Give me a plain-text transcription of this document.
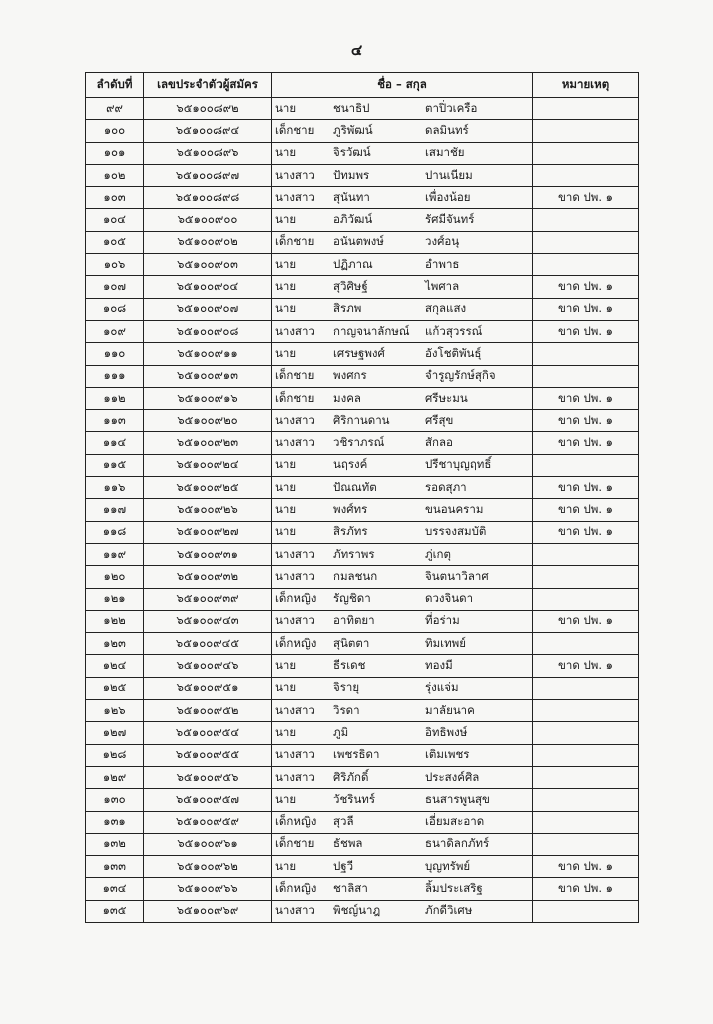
๔
ลำดับที่	เลขประจำตัวผู้สมัคร	ชื่อ – สกุล	หมายเหตุ
๙๙	๖๕๑๐๐๘๙๒	นาย ชนาธิป ตาปิ่วเครือ	

๑๐๐	๖๕๑๐๐๘๙๔	เด็กชาย ภูริพัฒน์ ดลมินทร์	

๑๐๑	๖๕๑๐๐๘๙๖	นาย จิรวัฒน์ เสมาชัย	

๑๐๒	๖๕๑๐๐๘๙๗	นางสาว ปัทมพร ปานเนียม	

๑๐๓	๖๕๑๐๐๘๙๘	นางสาว สุนันทา เพื่องน้อย	ขาด ปพ. ๑
๑๐๔	๖๕๑๐๐๙๐๐	นาย อภิวัฒน์ รัศมีจันทร์	

๑๐๕	๖๕๑๐๐๙๐๒	เด็กชาย อนันตพงษ์ วงศ์อนุ	

๑๐๖	๖๕๑๐๐๙๐๓	นาย ปฏิภาณ อำพาธ	

๑๐๗	๖๕๑๐๐๙๐๔	นาย สุวิศิษฐ์ ไพศาล	ขาด ปพ. ๑
๑๐๘	๖๕๑๐๐๙๐๗	นาย สิรภพ สกุลแสง	ขาด ปพ. ๑
๑๐๙	๖๕๑๐๐๙๐๘	นางสาว กาญจนาลักษณ์ แก้วสุวรรณ์	ขาด ปพ. ๑
๑๑๐	๖๕๑๐๐๙๑๑	นาย เศรษฐพงศ์ อังโชติพันธุ์	

๑๑๑	๖๕๑๐๐๙๑๓	เด็กชาย พงศกร จำรูญรักษ์สุกิจ	

๑๑๒	๖๕๑๐๐๙๑๖	เด็กชาย มงคล ศรีษะมน	ขาด ปพ. ๑
๑๑๓	๖๕๑๐๐๙๒๐	นางสาว ศิริกานดาน ศรีสุข	ขาด ปพ. ๑
๑๑๔	๖๕๑๐๐๙๒๓	นางสาว วชิราภรณ์ สักลอ	ขาด ปพ. ๑
๑๑๕	๖๕๑๐๐๙๒๔	นาย นฤรงค์ ปรีชาบุญฤทธิ์	

๑๑๖	๖๕๑๐๐๙๒๕	นาย ปัณณทัต รอดสุภา	ขาด ปพ. ๑
๑๑๗	๖๕๑๐๐๙๒๖	นาย พงศ์ทร ขนอนคราม	ขาด ปพ. ๑
๑๑๘	๖๕๑๐๐๙๒๗	นาย สิรภัทร บรรจงสมบัติ	ขาด ปพ. ๑
๑๑๙	๖๕๑๐๐๙๓๑	นางสาว ภัทราพร ภู่เกตุ	

๑๒๐	๖๕๑๐๐๙๓๒	นางสาว กมลชนก จินตนาวิลาศ	

๑๒๑	๖๕๑๐๐๙๓๙	เด็กหญิง รัญชิดา ดวงจินดา	

๑๒๒	๖๕๑๐๐๙๔๓	นางสาว อาทิตยา ที่อร่าม	ขาด ปพ. ๑
๑๒๓	๖๕๑๐๐๙๔๕	เด็กหญิง สุนิตตา ทิมเทพย์	

๑๒๔	๖๕๑๐๐๙๔๖	นาย ธีรเดช ทองมี	ขาด ปพ. ๑
๑๒๕	๖๕๑๐๐๙๕๑	นาย จิรายุ รุ่งแจ่ม	

๑๒๖	๖๕๑๐๐๙๕๒	นางสาว วิรดา มาลัยนาค	

๑๒๗	๖๕๑๐๐๙๕๔	นาย ภูมิ อิทธิพงษ์	

๑๒๘	๖๕๑๐๐๙๕๕	นางสาว เพชรธิดา เติมเพชร	

๑๒๙	๖๕๑๐๐๙๕๖	นางสาว ศิริภักดิ์ ประสงค์ศิล	

๑๓๐	๖๕๑๐๐๙๕๗	นาย วัชรินทร์ ธนสารพูนสุข	

๑๓๑	๖๕๑๐๐๙๕๙	เด็กหญิง สุวลี เอี่ยมสะอาด	

๑๓๒	๖๕๑๐๐๙๖๑	เด็กชาย ธัชพล ธนาดิลกภัทร์	

๑๓๓	๖๕๑๐๐๙๖๒	นาย ปฐวี บุญทรัพย์	ขาด ปพ. ๑
๑๓๔	๖๕๑๐๐๙๖๖	เด็กหญิง ชาลิสา ลิ้มประเสริฐ	ขาด ปพ. ๑
๑๓๕	๖๕๑๐๐๙๖๙	นางสาว พิชญ์นาฎ ภักดีวิเศษ	
